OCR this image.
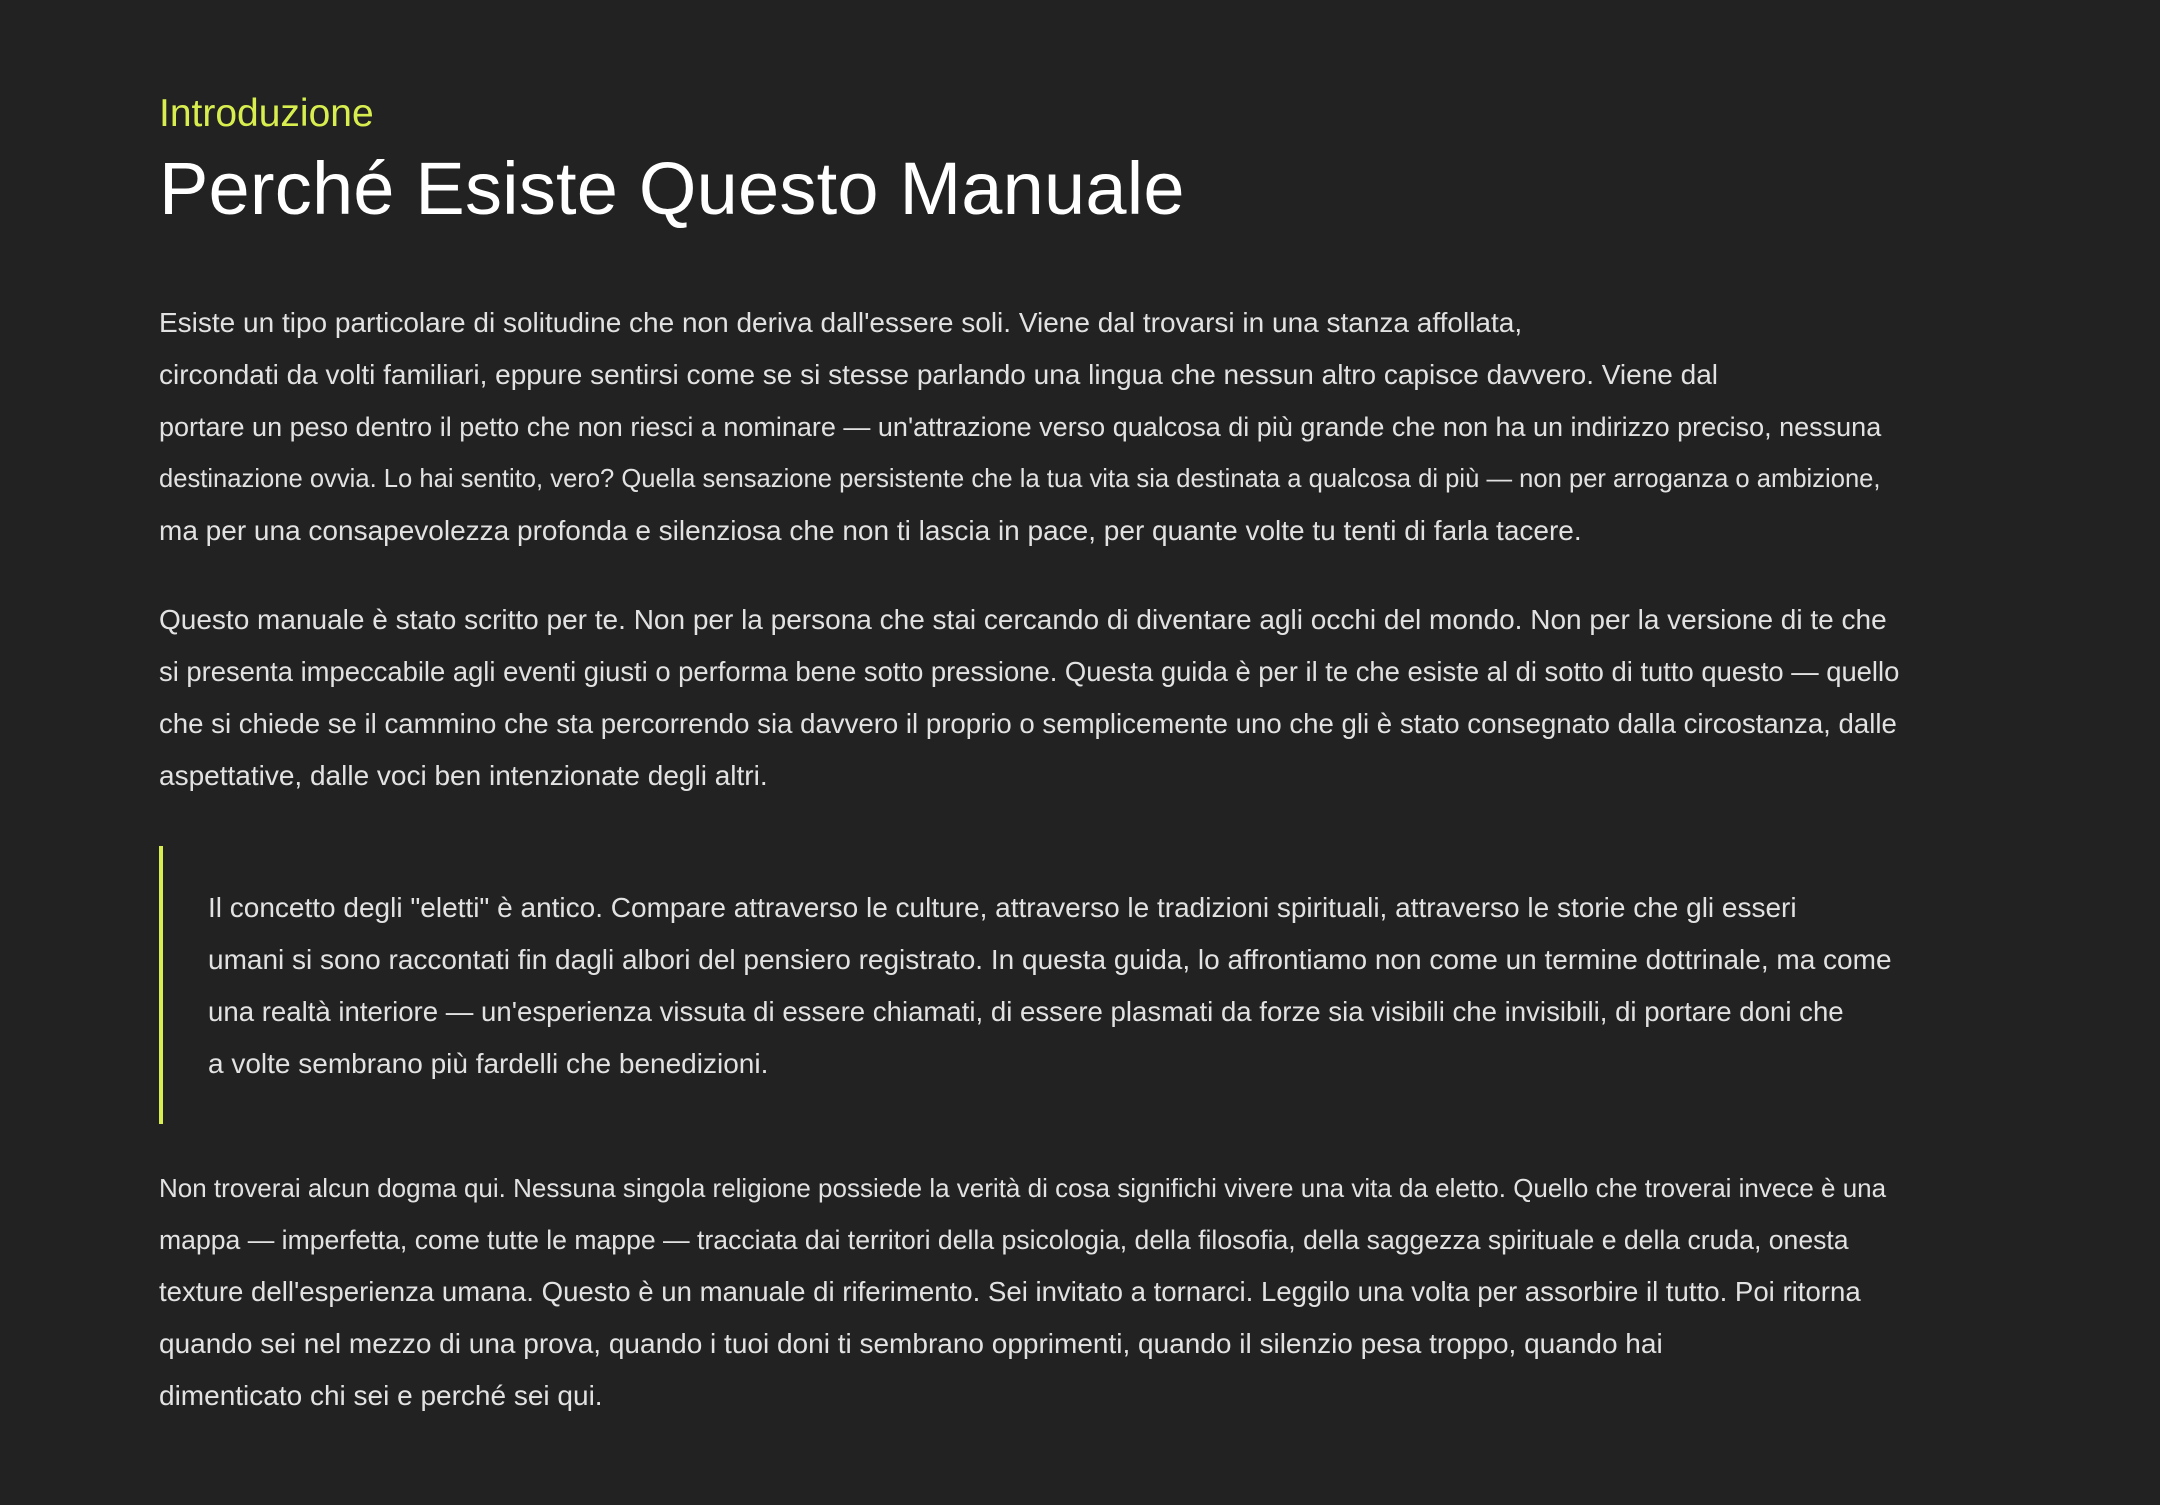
Introduzione

Perché Esiste Questo Manuale

Esiste un tipo particolare di solitudine che non deriva dall'essere soli. Viene dal trovarsi in una stanza affollata,
circondati da volti familiari, eppure sentirsi come se si stesse parlando una lingua che nessun altro capisce davvero. Viene dal
portare un peso dentro il petto che non riesci a nominare — un'attrazione verso qualcosa di più grande che non ha un indirizzo preciso, nessuna
destinazione ovvia. Lo hai sentito, vero? Quella sensazione persistente che la tua vita sia destinata a qualcosa di più — non per arroganza o ambizione,
ma per una consapevolezza profonda e silenziosa che non ti lascia in pace, per quante volte tu tenti di farla tacere.

Questo manuale è stato scritto per te. Non per la persona che stai cercando di diventare agli occhi del mondo. Non per la versione di te che
si presenta impeccabile agli eventi giusti o performa bene sotto pressione. Questa guida è per il te che esiste al di sotto di tutto questo — quello
che si chiede se il cammino che sta percorrendo sia davvero il proprio o semplicemente uno che gli è stato consegnato dalla circostanza, dalle
aspettative, dalle voci ben intenzionate degli altri.

Il concetto degli "eletti" è antico. Compare attraverso le culture, attraverso le tradizioni spirituali, attraverso le storie che gli esseri
umani si sono raccontati fin dagli albori del pensiero registrato. In questa guida, lo affrontiamo non come un termine dottrinale, ma come
una realtà interiore — un'esperienza vissuta di essere chiamati, di essere plasmati da forze sia visibili che invisibili, di portare doni che
a volte sembrano più fardelli che benedizioni.

Non troverai alcun dogma qui. Nessuna singola religione possiede la verità di cosa significhi vivere una vita da eletto. Quello che troverai invece è una
mappa — imperfetta, come tutte le mappe — tracciata dai territori della psicologia, della filosofia, della saggezza spirituale e della cruda, onesta
texture dell'esperienza umana. Questo è un manuale di riferimento. Sei invitato a tornarci. Leggilo una volta per assorbire il tutto. Poi ritorna
quando sei nel mezzo di una prova, quando i tuoi doni ti sembrano opprimenti, quando il silenzio pesa troppo, quando hai
dimenticato chi sei e perché sei qui.
